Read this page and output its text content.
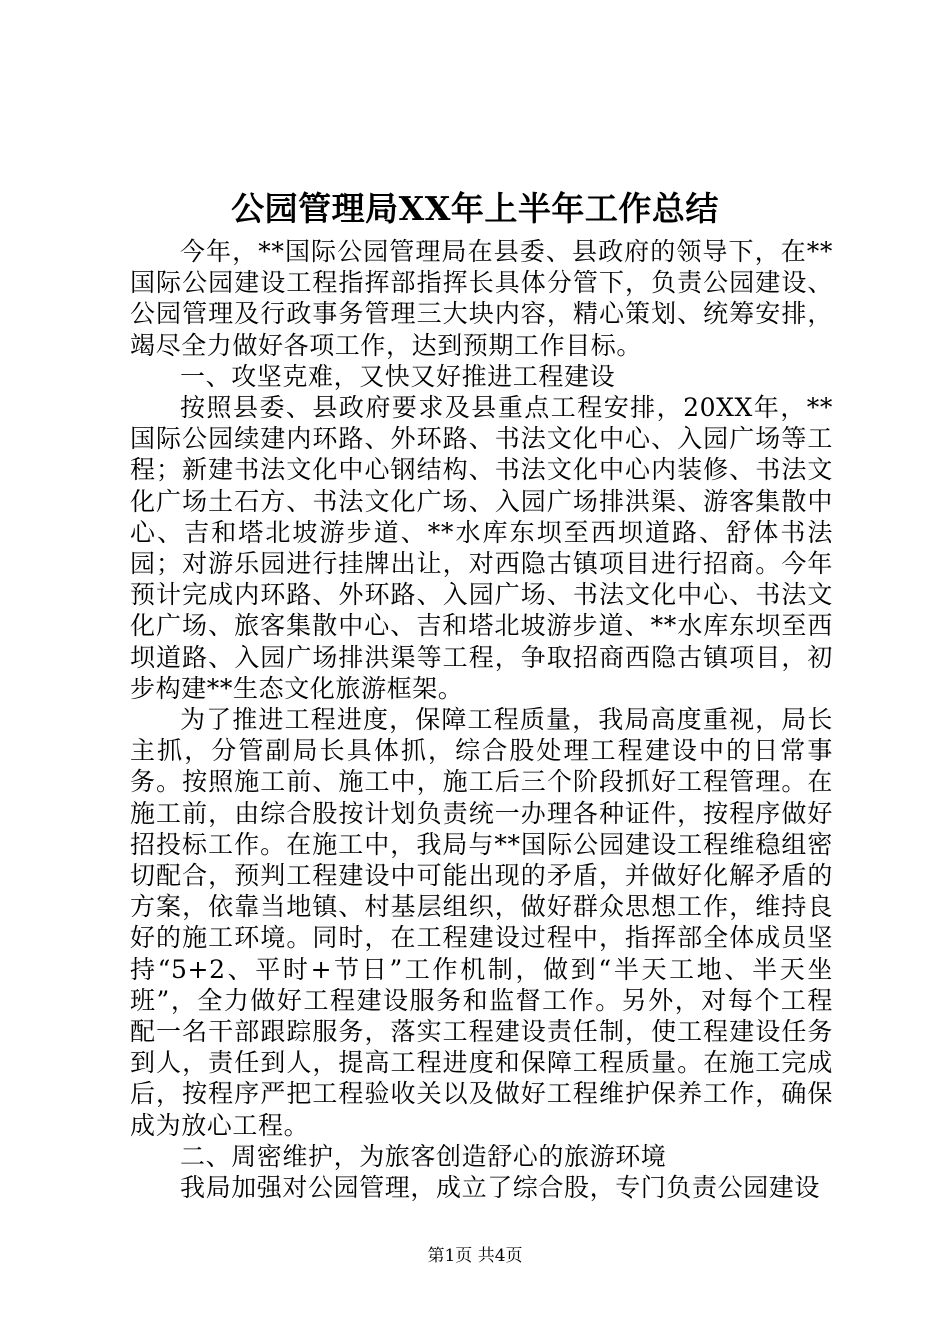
公园管理局XX年上半年工作总结

今年，**国际公园管理局在县委、县政府的领导下，在**国际公园建设工程指挥部指挥长具体分管下，负责公园建设、公园管理及行政事务管理三大块内容，精心策划、统筹安排，竭尽全力做好各项工作，达到预期工作目标。

一、攻坚克难，又快又好推进工程建设

按照县委、县政府要求及县重点工程安排，20XX年，**国际公园续建内环路、外环路、书法文化中心、入园广场等工程；新建书法文化中心钢结构、书法文化中心内装修、书法文化广场土石方、书法文化广场、入园广场排洪渠、游客集散中心、吉和塔北坡游步道、**水库东坝至西坝道路、舒体书法园；对游乐园进行挂牌出让，对西隐古镇项目进行招商。今年预计完成内环路、外环路、入园广场、书法文化中心、书法文化广场、旅客集散中心、吉和塔北坡游步道、**水库东坝至西坝道路、入园广场排洪渠等工程，争取招商西隐古镇项目，初步构建**生态文化旅游框架。

为了推进工程进度，保障工程质量，我局高度重视，局长主抓，分管副局长具体抓，综合股处理工程建设中的日常事务。按照施工前、施工中，施工后三个阶段抓好工程管理。在施工前，由综合股按计划负责统一办理各种证件，按程序做好招投标工作。在施工中，我局与**国际公园建设工程维稳组密切配合，预判工程建设中可能出现的矛盾，并做好化解矛盾的方案，依靠当地镇、村基层组织，做好群众思想工作，维持良好的施工环境。同时，在工程建设过程中，指挥部全体成员坚持“5+2、平时+节日”工作机制，做到“半天工地、半天坐班”，全力做好工程建设服务和监督工作。另外，对每个工程配一名干部跟踪服务，落实工程建设责任制，使工程建设任务到人，责任到人，提高工程进度和保障工程质量。在施工完成后，按程序严把工程验收关以及做好工程维护保养工作，确保成为放心工程。

二、周密维护，为旅客创造舒心的旅游环境

我局加强对公园管理，成立了综合股，专门负责公园建设

第1页 共4页
